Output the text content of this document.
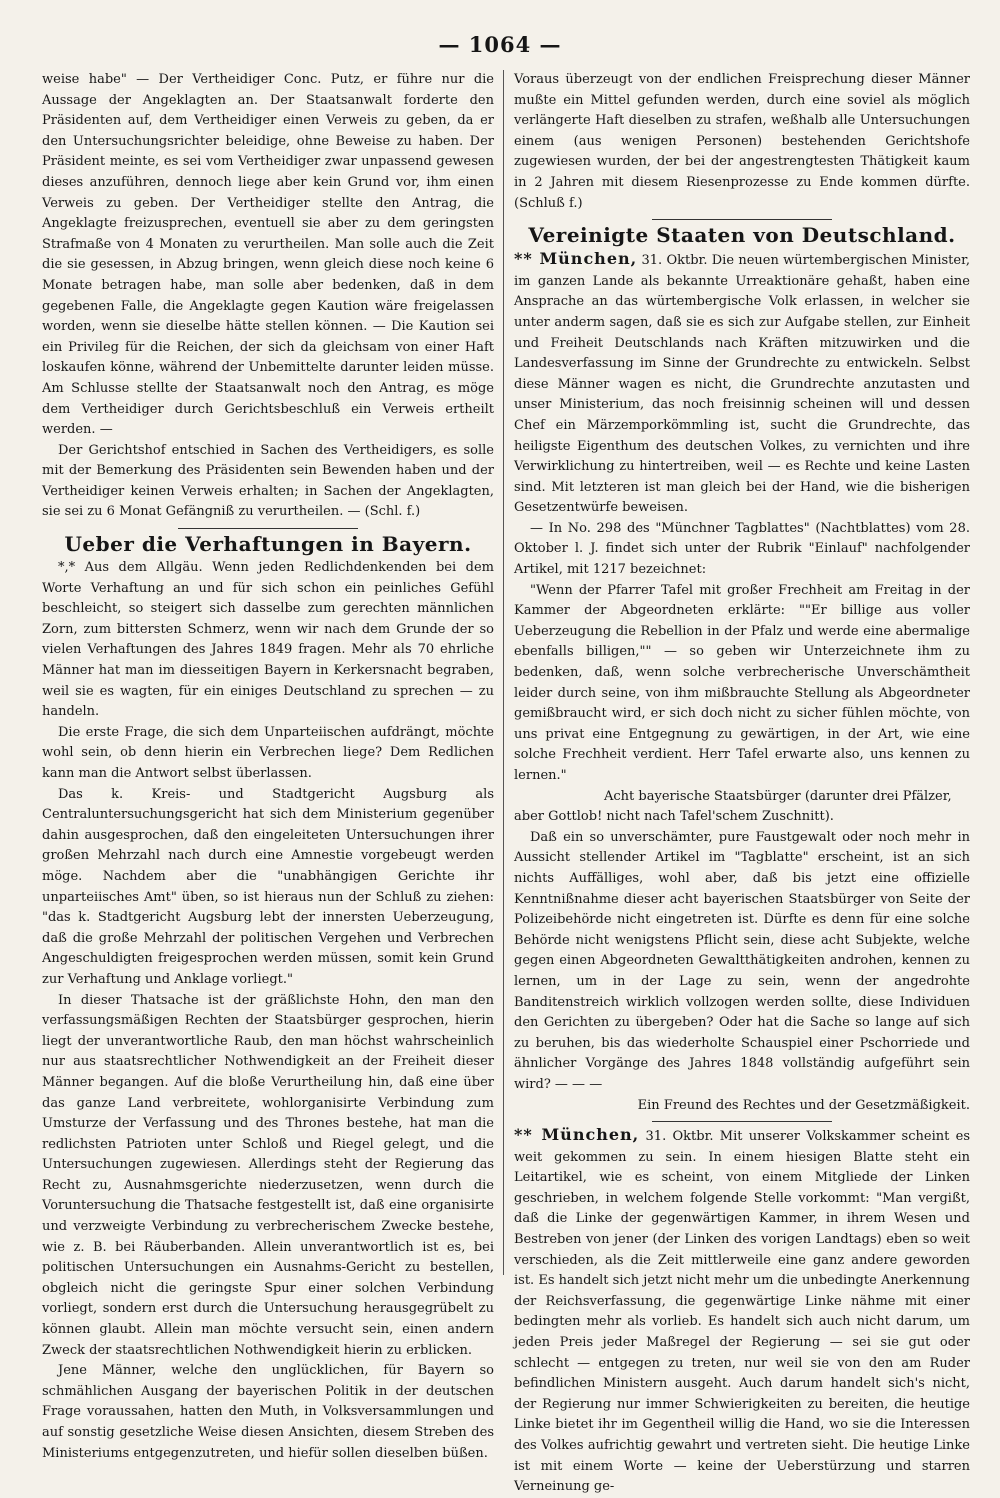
— 1064 —

weise habe" — Der Vertheidiger Conc. Putz, er führe nur die Aussage der Angeklagten an. Der Staatsanwalt forderte den Präsidenten auf, dem Vertheidiger einen Verweis zu geben, da er den Untersuchungsrichter beleidige, ohne Beweise zu haben. Der Präsident meinte, es sei vom Vertheidiger zwar unpassend gewesen dieses anzuführen, dennoch liege aber kein Grund vor, ihm einen Verweis zu geben. Der Vertheidiger stellte den Antrag, die Angeklagte freizusprechen, eventuell sie aber zu dem geringsten Strafmaße von 4 Monaten zu verurtheilen. Man solle auch die Zeit die sie gesessen, in Abzug bringen, wenn gleich diese noch keine 6 Monate betragen habe, man solle aber bedenken, daß in dem gegebenen Falle, die Angeklagte gegen Kaution wäre freigelassen worden, wenn sie dieselbe hätte stellen können. — Die Kaution sei ein Privileg für die Reichen, der sich da gleichsam von einer Haft loskaufen könne, während der Unbemittelte darunter leiden müsse. Am Schlusse stellte der Staatsanwalt noch den Antrag, es möge dem Vertheidiger durch Gerichtsbeschluß ein Verweis ertheilt werden. —

Der Gerichtshof entschied in Sachen des Vertheidigers, es solle mit der Bemerkung des Präsidenten sein Bewenden haben und der Vertheidiger keinen Verweis erhalten; in Sachen der Angeklagten, sie sei zu 6 Monat Gefängniß zu verurtheilen. — (Schl. f.)

Ueber die Verhaftungen in Bayern.

*,* Aus dem Allgäu. Wenn jeden Redlichdenkenden bei dem Worte Verhaftung an und für sich schon ein peinliches Gefühl beschleicht, so steigert sich dasselbe zum gerechten männlichen Zorn, zum bittersten Schmerz, wenn wir nach dem Grunde der so vielen Verhaftungen des Jahres 1849 fragen. Mehr als 70 ehrliche Männer hat man im diesseitigen Bayern in Kerkersnacht begraben, weil sie es wagten, für ein einiges Deutschland zu sprechen — zu handeln.

Die erste Frage, die sich dem Unparteiischen aufdrängt, möchte wohl sein, ob denn hierin ein Verbrechen liege? Dem Redlichen kann man die Antwort selbst überlassen.

Das k. Kreis- und Stadtgericht Augsburg als Centraluntersuchungsgericht hat sich dem Ministerium gegenüber dahin ausgesprochen, daß den eingeleiteten Untersuchungen ihrer großen Mehrzahl nach durch eine Amnestie vorgebeugt werden möge. Nachdem aber die "unabhängigen Gerichte ihr unparteiisches Amt" üben, so ist hieraus nun der Schluß zu ziehen: "das k. Stadtgericht Augsburg lebt der innersten Ueberzeugung, daß die große Mehrzahl der politischen Vergehen und Verbrechen Angeschuldigten freigesprochen werden müssen, somit kein Grund zur Verhaftung und Anklage vorliegt."

In dieser Thatsache ist der gräßlichste Hohn, den man den verfassungsmäßigen Rechten der Staatsbürger gesprochen, hierin liegt der unverantwortliche Raub, den man höchst wahrscheinlich nur aus staatsrechtlicher Nothwendigkeit an der Freiheit dieser Männer begangen. Auf die bloße Verurtheilung hin, daß eine über das ganze Land verbreitete, wohlorganisirte Verbindung zum Umsturze der Verfassung und des Thrones bestehe, hat man die redlichsten Patrioten unter Schloß und Riegel gelegt, und die Untersuchungen zugewiesen. Allerdings steht der Regierung das Recht zu, Ausnahmsgerichte niederzusetzen, wenn durch die Voruntersuchung die Thatsache festgestellt ist, daß eine organisirte und verzweigte Verbindung zu verbrecherischem Zwecke bestehe, wie z. B. bei Räuberbanden. Allein unverantwortlich ist es, bei politischen Untersuchungen ein Ausnahms-Gericht zu bestellen, obgleich nicht die geringste Spur einer solchen Verbindung vorliegt, sondern erst durch die Untersuchung herausgegrübelt zu können glaubt. Allein man möchte versucht sein, einen andern Zweck der staatsrechtlichen Nothwendigkeit hierin zu erblicken.

Jene Männer, welche den unglücklichen, für Bayern so schmählichen Ausgang der bayerischen Politik in der deutschen Frage voraussahen, hatten den Muth, in Volksversammlungen und auf sonstig gesetzliche Weise diesen Ansichten, diesem Streben des Ministeriums entgegenzutreten, und hiefür sollen dieselben büßen.

Voraus überzeugt von der endlichen Freisprechung dieser Männer mußte ein Mittel gefunden werden, durch eine soviel als möglich verlängerte Haft dieselben zu strafen, weßhalb alle Untersuchungen einem (aus wenigen Personen) bestehenden Gerichtshofe zugewiesen wurden, der bei der angestrengtesten Thätigkeit kaum in 2 Jahren mit diesem Riesenprozesse zu Ende kommen dürfte. (Schluß f.)

Vereinigte Staaten von Deutschland.

** München, 31. Oktbr. Die neuen würtembergischen Minister, im ganzen Lande als bekannte Urreaktionäre gehaßt, haben eine Ansprache an das würtembergische Volk erlassen, in welcher sie unter anderm sagen, daß sie es sich zur Aufgabe stellen, zur Einheit und Freiheit Deutschlands nach Kräften mitzuwirken und die Landesverfassung im Sinne der Grundrechte zu entwickeln. Selbst diese Männer wagen es nicht, die Grundrechte anzutasten und unser Ministerium, das noch freisinnig scheinen will und dessen Chef ein Märzemporkömmling ist, sucht die Grundrechte, das heiligste Eigenthum des deutschen Volkes, zu vernichten und ihre Verwirklichung zu hintertreiben, weil — es Rechte und keine Lasten sind. Mit letzteren ist man gleich bei der Hand, wie die bisherigen Gesetzentwürfe beweisen.

— In No. 298 des "Münchner Tagblattes" (Nachtblattes) vom 28. Oktober l. J. findet sich unter der Rubrik "Einlauf" nachfolgender Artikel, mit 1217 bezeichnet:

"Wenn der Pfarrer Tafel mit großer Frechheit am Freitag in der Kammer der Abgeordneten erklärte: ""Er billige aus voller Ueberzeugung die Rebellion in der Pfalz und werde eine abermalige ebenfalls billigen,"" — so geben wir Unterzeichnete ihm zu bedenken, daß, wenn solche verbrecherische Unverschämtheit leider durch seine, von ihm mißbrauchte Stellung als Abgeordneter gemißbraucht wird, er sich doch nicht zu sicher fühlen möchte, von uns privat eine Entgegnung zu gewärtigen, in der Art, wie eine solche Frechheit verdient. Herr Tafel erwarte also, uns kennen zu lernen."

Acht bayerische Staatsbürger (darunter drei Pfälzer, aber Gottlob! nicht nach Tafel'schem Zuschnitt).

Daß ein so unverschämter, pure Faustgewalt oder noch mehr in Aussicht stellender Artikel im "Tagblatte" erscheint, ist an sich nichts Auffälliges, wohl aber, daß bis jetzt eine offizielle Kenntnißnahme dieser acht bayerischen Staatsbürger von Seite der Polizeibehörde nicht eingetreten ist. Dürfte es denn für eine solche Behörde nicht wenigstens Pflicht sein, diese acht Subjekte, welche gegen einen Abgeordneten Gewaltthätigkeiten androhen, kennen zu lernen, um in der Lage zu sein, wenn der angedrohte Banditenstreich wirklich vollzogen werden sollte, diese Individuen den Gerichten zu übergeben? Oder hat die Sache so lange auf sich zu beruhen, bis das wiederholte Schauspiel einer Pschorriede und ähnlicher Vorgänge des Jahres 1848 vollständig aufgeführt sein wird? — — —

Ein Freund des Rechtes und der Gesetzmäßigkeit.

** München, 31. Oktbr. Mit unserer Volkskammer scheint es weit gekommen zu sein. In einem hiesigen Blatte steht ein Leitartikel, wie es scheint, von einem Mitgliede der Linken geschrieben, in welchem folgende Stelle vorkommt: "Man vergißt, daß die Linke der gegenwärtigen Kammer, in ihrem Wesen und Bestreben von jener (der Linken des vorigen Landtags) eben so weit verschieden, als die Zeit mittlerweile eine ganz andere geworden ist. Es handelt sich jetzt nicht mehr um die unbedingte Anerkennung der Reichsverfassung, die gegenwärtige Linke nähme mit einer bedingten mehr als vorlieb. Es handelt sich auch nicht darum, um jeden Preis jeder Maßregel der Regierung — sei sie gut oder schlecht — entgegen zu treten, nur weil sie von den am Ruder befindlichen Ministern ausgeht. Auch darum handelt sich's nicht, der Regierung nur immer Schwierigkeiten zu bereiten, die heutige Linke bietet ihr im Gegentheil willig die Hand, wo sie die Interessen des Volkes aufrichtig gewahrt und vertreten sieht. Die heutige Linke ist mit einem Worte — keine der Ueberstürzung und starren Verneinung ge-
